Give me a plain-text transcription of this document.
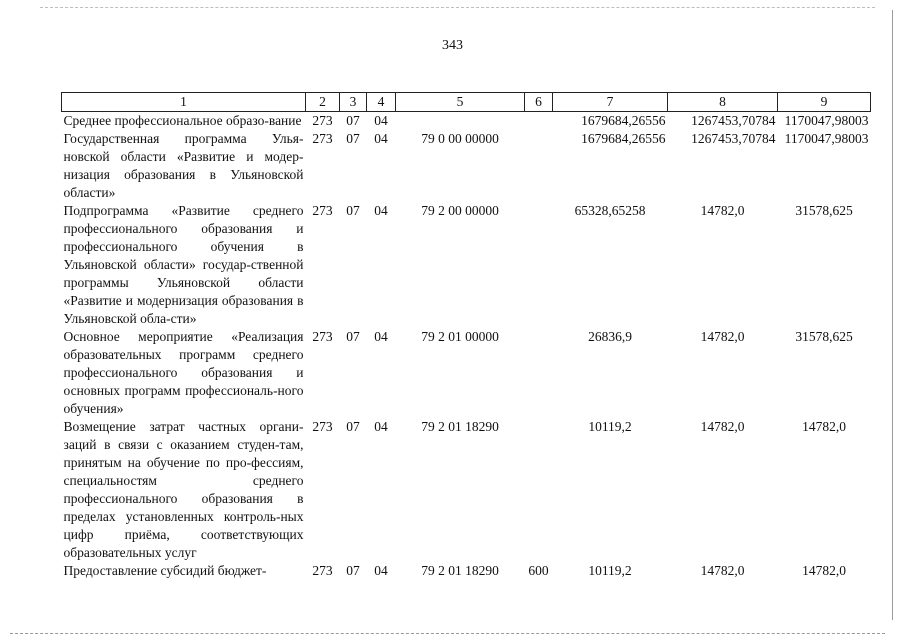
343
1	2	3	4	5	6	7	8	9
Среднее профессиональное образо-вание	273	07	04			1679684,26556	1267453,70784	1170047,98003
Государственная программа Улья-новской области «Развитие и модер-низация образования в Ульяновской области»	273	07	04	79 0 00 00000		1679684,26556	1267453,70784	1170047,98003
Подпрограмма «Развитие среднего профессионального образования и профессионального обучения в Ульяновской области» государ-ственной программы Ульяновской области «Развитие и модернизация образования в Ульяновской обла-сти»	273	07	04	79 2 00 00000		65328,65258	14782,0	31578,625
Основное мероприятие «Реализация образовательных программ среднего профессионального образования и основных программ профессиональ-ного обучения»	273	07	04	79 2 01 00000		26836,9	14782,0	31578,625
Возмещение затрат частных органи-заций в связи с оказанием студен-там, принятым на обучение по про-фессиям, специальностям среднего профессионального образования в пределах установленных контроль-ных цифр приёма, соответствующих образовательных услуг	273	07	04	79 2 01 18290		10119,2	14782,0	14782,0
Предоставление субсидий бюджет-	273	07	04	79 2 01 18290	600	10119,2	14782,0	14782,0
